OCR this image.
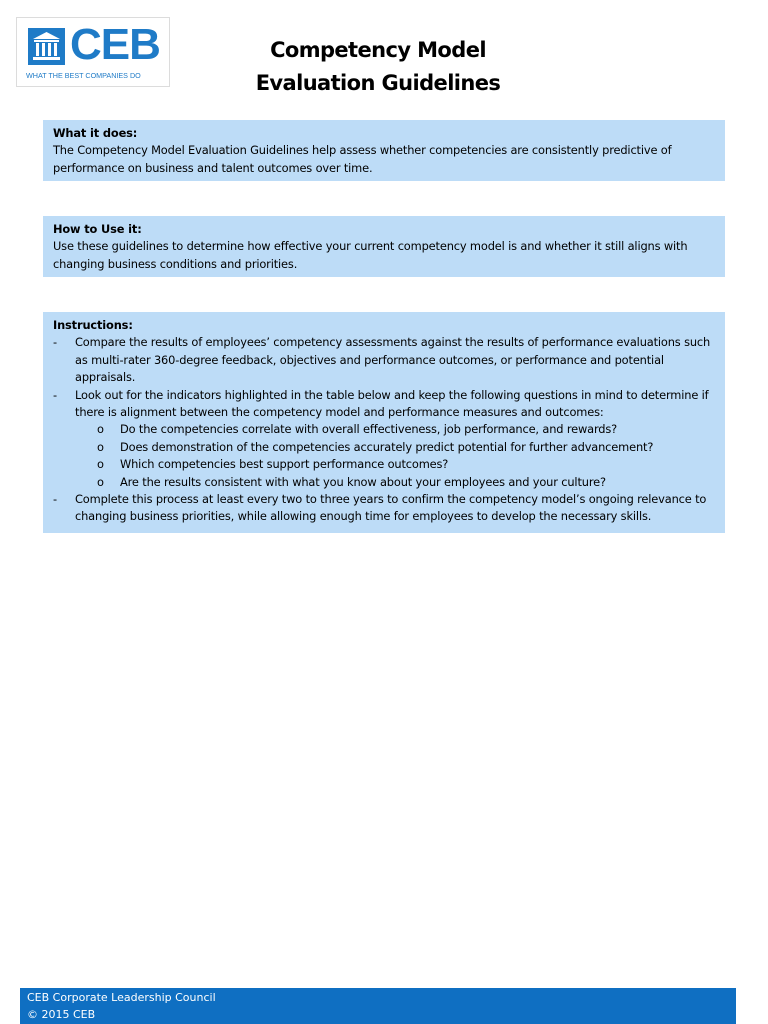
CEB
WHAT THE BEST COMPANIES DO
Competency Model
Evaluation Guidelines
What it does:
The Competency Model Evaluation Guidelines help assess whether competencies are consistently predictive of performance on business and talent outcomes over time.
How to Use it:
Use these guidelines to determine how effective your current competency model is and whether it still aligns with changing business conditions and priorities.
Instructions:
- Compare the results of employees’ competency assessments against the results of performance evaluations such as multi-rater 360-degree feedback, objectives and performance outcomes, or performance and potential appraisals.
- Look out for the indicators highlighted in the table below and keep the following questions in mind to determine if there is alignment between the competency model and performance measures and outcomes:
o Do the competencies correlate with overall effectiveness, job performance, and rewards?
o Does demonstration of the competencies accurately predict potential for further advancement?
o Which competencies best support performance outcomes?
o Are the results consistent with what you know about your employees and your culture?
- Complete this process at least every two to three years to confirm the competency model’s ongoing relevance to changing business priorities, while allowing enough time for employees to develop the necessary skills.
CEB Corporate Leadership Council
© 2015 CEB
